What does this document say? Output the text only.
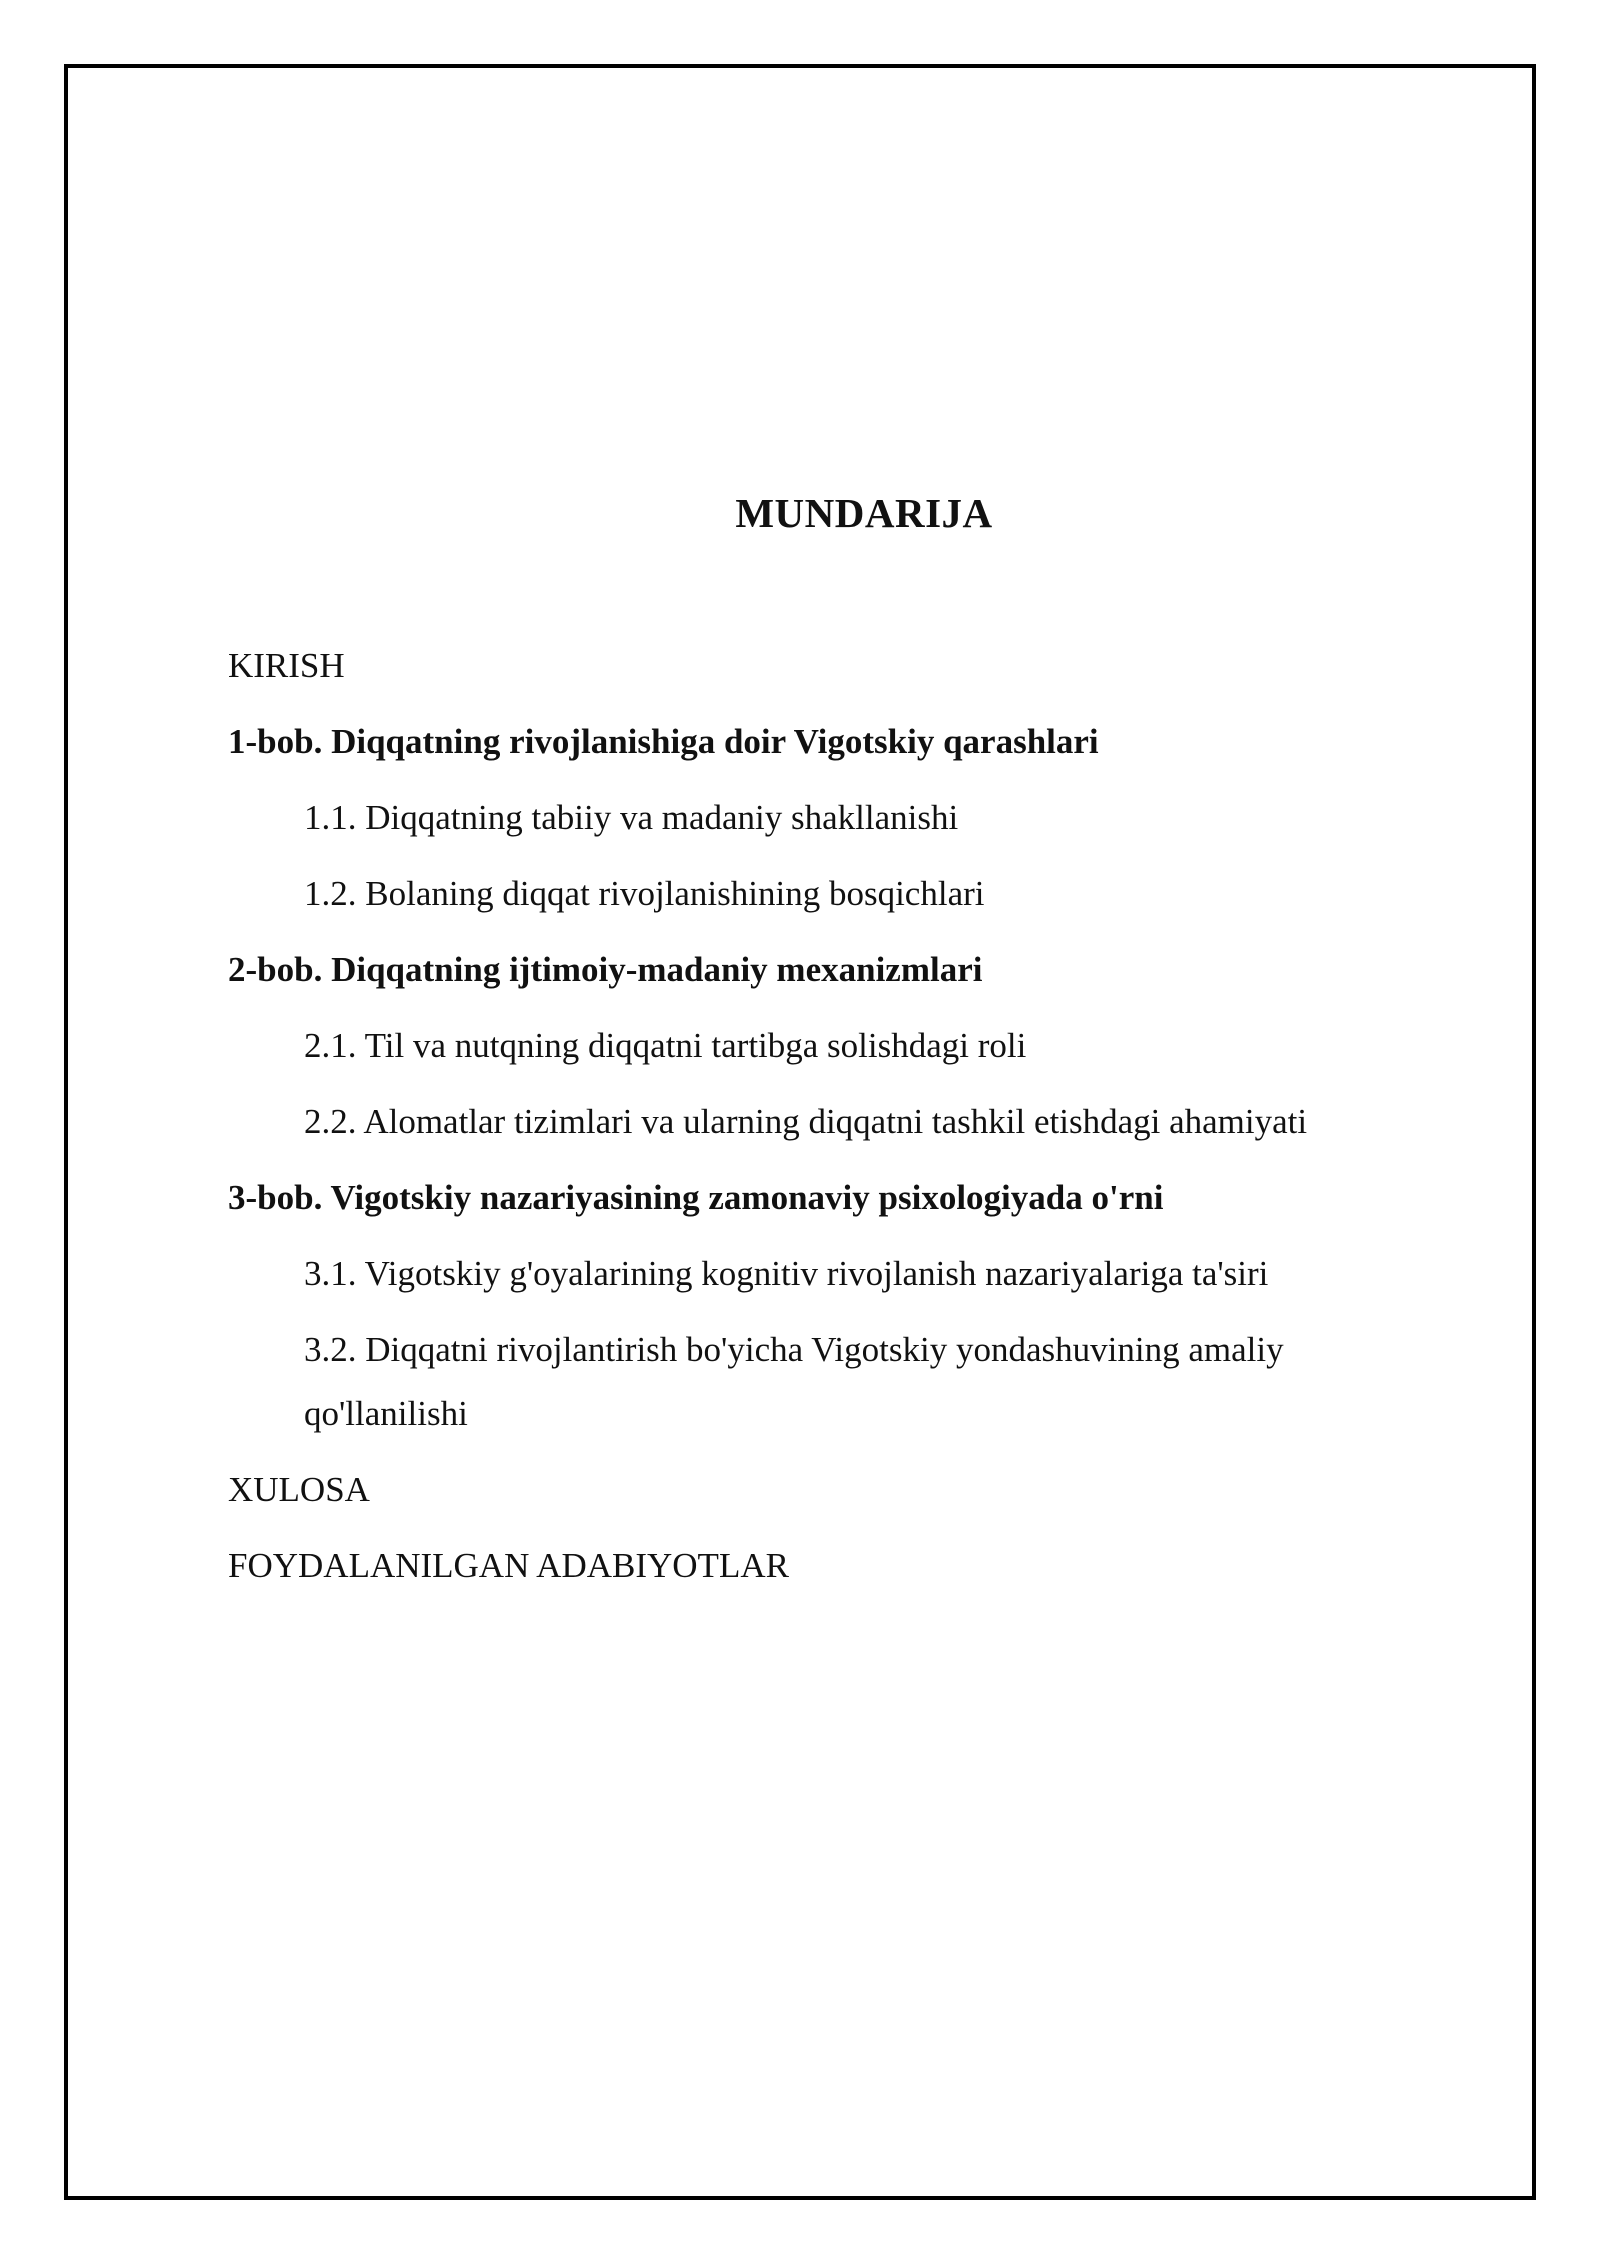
MUNDARIJA
KIRISH
1-bob. Diqqatning rivojlanishiga doir Vigotskiy qarashlari
1.1. Diqqatning tabiiy va madaniy shakllanishi
1.2. Bolaning diqqat rivojlanishining bosqichlari
2-bob. Diqqatning ijtimoiy-madaniy mexanizmlari
2.1. Til va nutqning diqqatni tartibga solishdagi roli
2.2. Alomatlar tizimlari va ularning diqqatni tashkil etishdagi ahamiyati
3-bob. Vigotskiy nazariyasining zamonaviy psixologiyada o'rni
3.1. Vigotskiy g'oyalarining kognitiv rivojlanish nazariyalariga ta'siri
3.2. Diqqatni rivojlantirish bo'yicha Vigotskiy yondashuvining amaliy qo'llanilishi
XULOSA
FOYDALANILGAN ADABIYOTLAR
